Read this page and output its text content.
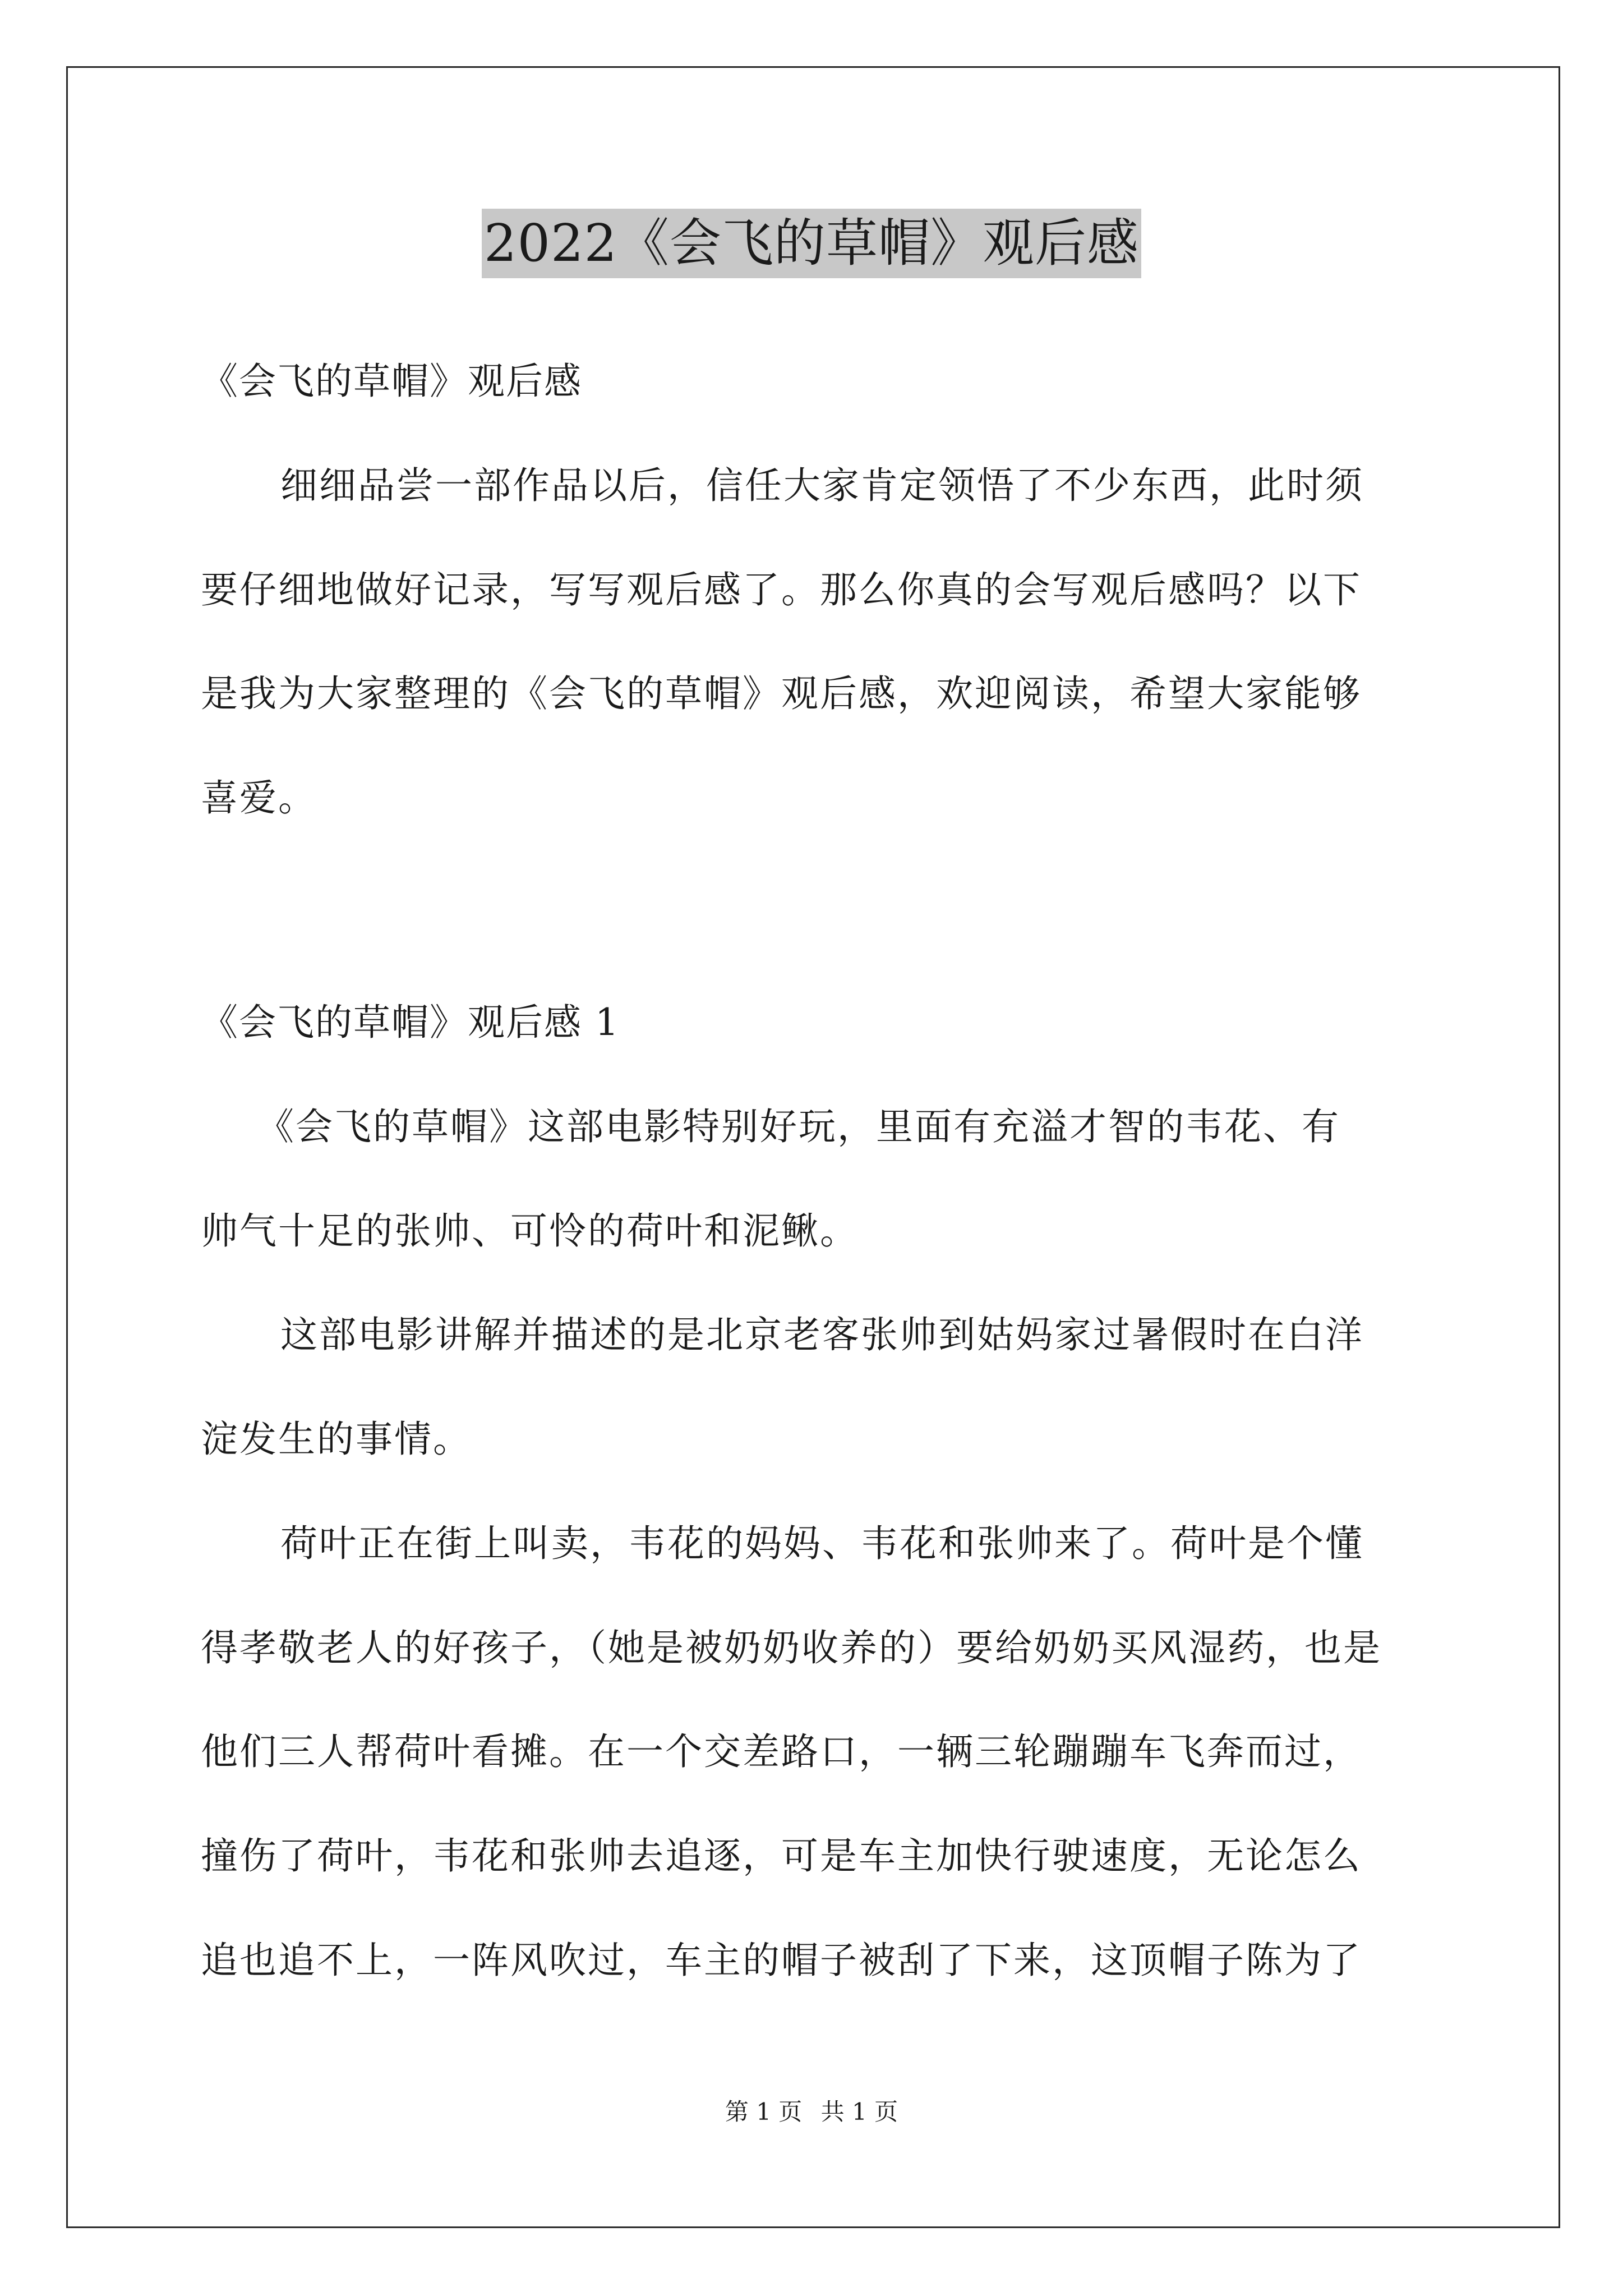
2022《会飞的草帽》观后感
《会飞的草帽》观后感
细细品尝一部作品以后，信任大家肯定领悟了不少东西，此时须
要仔细地做好记录，写写观后感了。那么你真的会写观后感吗？以下
是我为大家整理的《会飞的草帽》观后感，欢迎阅读，希望大家能够
喜爱。
《会飞的草帽》观后感 1
《会飞的草帽》这部电影特别好玩，里面有充溢才智的韦花、有
帅气十足的张帅、可怜的荷叶和泥鳅。
这部电影讲解并描述的是北京老客张帅到姑妈家过暑假时在白洋
淀发生的事情。
荷叶正在街上叫卖，韦花的妈妈、韦花和张帅来了。荷叶是个懂
得孝敬老人的好孩子，（她是被奶奶收养的）要给奶奶买风湿药，也是
他们三人帮荷叶看摊。在一个交差路口，一辆三轮蹦蹦车飞奔而过，
撞伤了荷叶，韦花和张帅去追逐，可是车主加快行驶速度，无论怎么
追也追不上，一阵风吹过，车主的帽子被刮了下来，这顶帽子陈为了
第 1 页 共 1 页
